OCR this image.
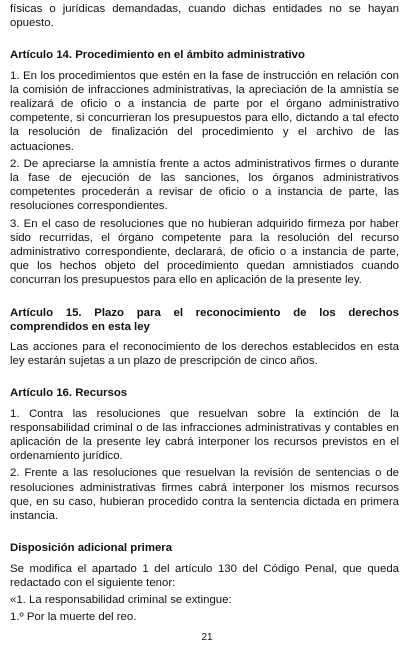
físicas o jurídicas demandadas, cuando dichas entidades no se hayan opuesto.

Artículo 14. Procedimiento en el ámbito administrativo

1. En los procedimientos que estén en la fase de instrucción en relación con la comisión de infracciones administrativas, la apreciación de la amnistía se realizará de oficio o a instancia de parte por el órgano administrativo competente, si concurrieran los presupuestos para ello, dictando a tal efecto la resolución de finalización del procedimiento y el archivo de las actuaciones.

2. De apreciarse la amnistía frente a actos administrativos firmes o durante la fase de ejecución de las sanciones, los órganos administrativos competentes procederán a revisar de oficio o a instancia de parte, las resoluciones correspondientes.

3. En el caso de resoluciones que no hubieran adquirido firmeza por haber sido recurridas, el órgano competente para la resolución del recurso administrativo correspondiente, declarará, de oficio o a instancia de parte, que los hechos objeto del procedimiento quedan amnistiados cuando concurran los presupuestos para ello en aplicación de la presente ley.

Artículo 15. Plazo para el reconocimiento de los derechos comprendidos en esta ley

Las acciones para el reconocimiento de los derechos establecidos en esta ley estarán sujetas a un plazo de prescripción de cinco años.

Artículo 16. Recursos

1. Contra las resoluciones que resuelvan sobre la extinción de la responsabilidad criminal o de las infracciones administrativas y contables en aplicación de la presente ley cabrá interponer los recursos previstos en el ordenamiento jurídico.

2. Frente a las resoluciones que resuelvan la revisión de sentencias o de resoluciones administrativas firmes cabrá interponer los mismos recursos que, en su caso, hubieran procedido contra la sentencia dictada en primera instancia.

Disposición adicional primera

Se modifica el apartado 1 del artículo 130 del Código Penal, que queda redactado con el siguiente tenor:

«1. La responsabilidad criminal se extingue:

1.º Por la muerte del reo.

21
